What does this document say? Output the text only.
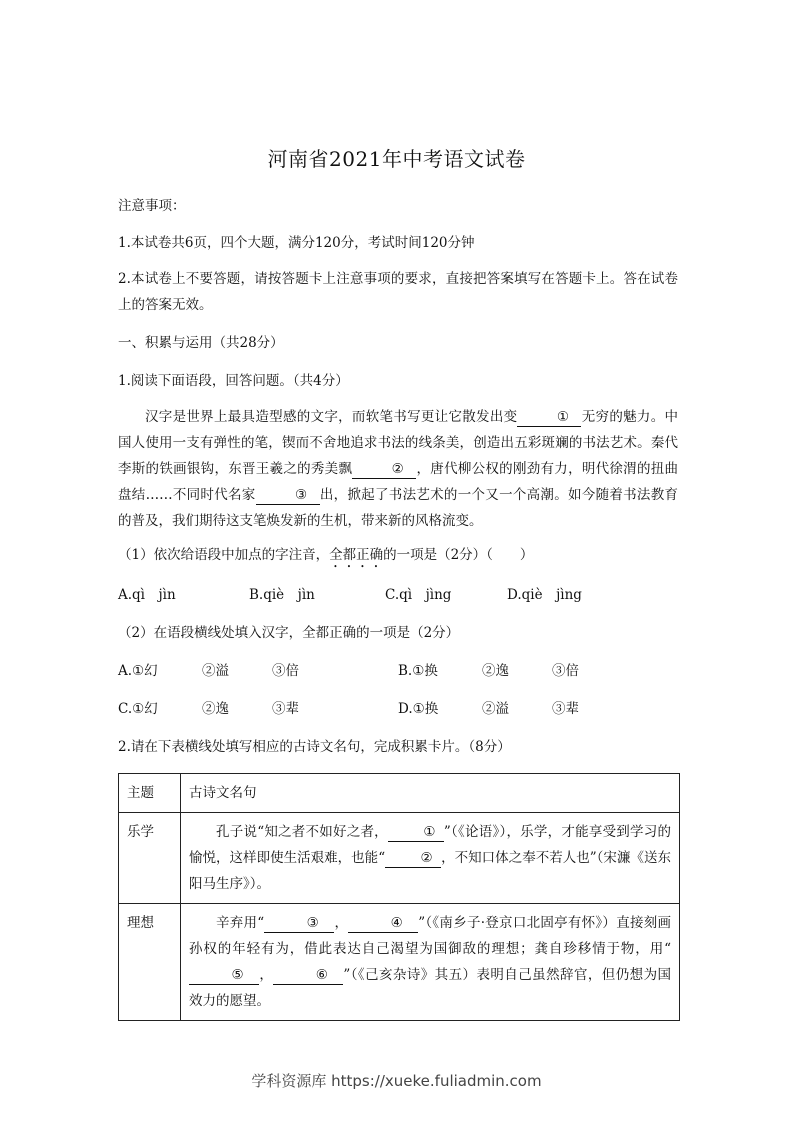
河南省2021年中考语文试卷
注意事项：
1.本试卷共6页，四个大题，满分120分，考试时间120分钟
2.本试卷上不要答题，请按答题卡上注意事项的要求，直接把答案填写在答题卡上。答在试卷上的答案无效。
一、积累与运用（共28分）
1.阅读下面语段，回答问题。（共4分）
汉字是世界上最具造型感的文字，而软笔书写更让它散发出变	① 无穷的魅力。中国人使用一支有弹性的笔，锲而不舍地追求书法的线条美，创造出五彩斑斓的书法艺术。秦代李斯的铁画银钩，东晋王羲之的秀美飘	② ，唐代柳公权的刚劲有力，明代徐渭的扭曲盘结……不同时代名家	③ 出，掀起了书法艺术的一个又一个高潮。如今随着书法教育的普及，我们期待这支笔焕发新的生机，带来新的风格流变。
（1）依次给语段中加点的字注音，全都正确的一项是（2分）（　　）
A.qì　jìn	B.qiè　jìn	C.qì　jìng	D.qiè　jìng
（2）在语段横线处填入汉字，全都正确的一项是（2分）
A.①幻	②溢	③倍	B.①换	②逸	③倍
C.①幻	②逸	③辈	D.①换	②溢	③辈
2.请在下表横线处填写相应的古诗文名句，完成积累卡片。（8分）
主题	古诗文名句
乐学	孔子说“知之者不如好之者， ① ”（《论语》），乐学，才能享受到学习的愉悦，这样即使生活艰难，也能“ ② ，不知口体之奉不若人也”（宋濂《送东阳马生序》）。

理想	辛弃用“ ③ ， ④ ”（《南乡子·登京口北固亭有怀》）直接刻画孙权的年轻有为，借此表达自己渴望为国御敌的理想；龚自珍移情于物，用“⑤ ， ⑥ ”（《己亥杂诗》其五）表明自己虽然辞官，但仍想为国效力的愿望。
学科资源库 https://xueke.fuliadmin.com
